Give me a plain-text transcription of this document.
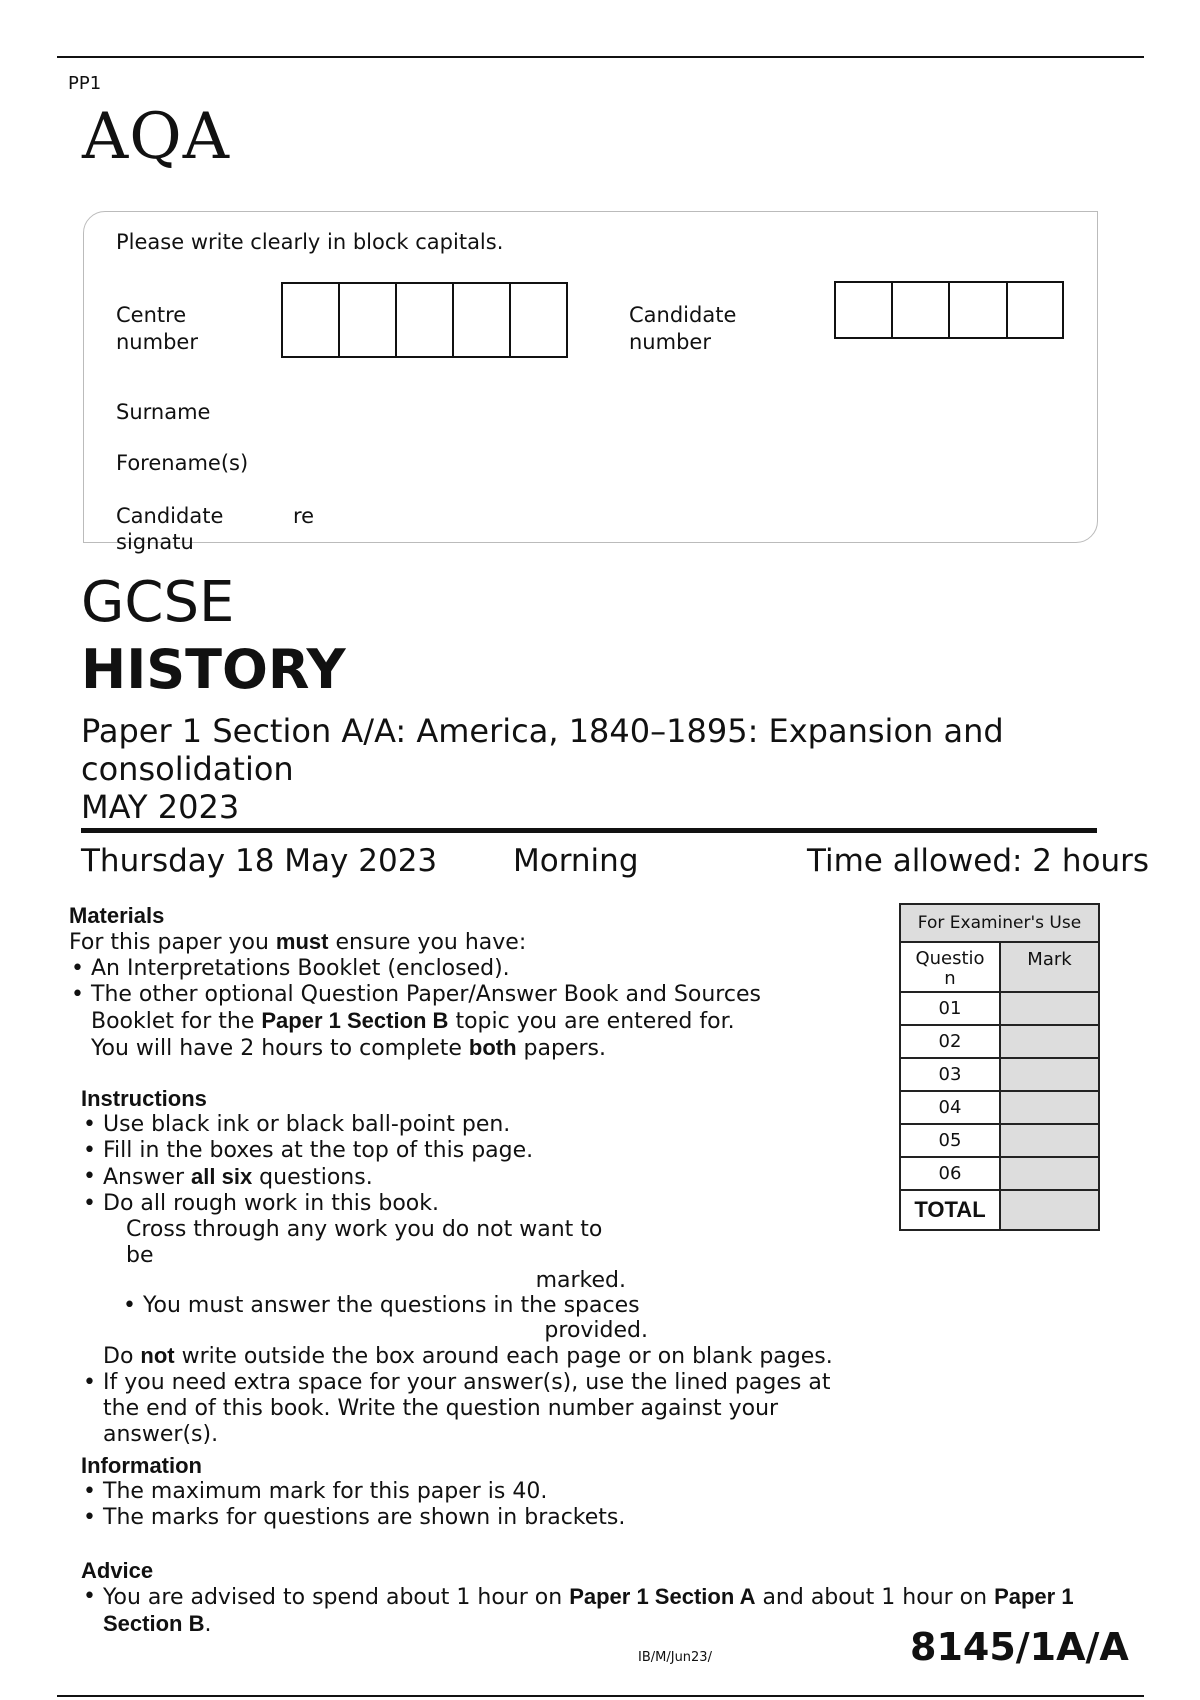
PP1
AQA
Please write clearly in block capitals.
Centre
number
Candidate
number
Surname
Forename(s)
Candidate	re
signatu
GCSE
HISTORY
Paper 1 Section A/A: America, 1840–1895: Expansion and
consolidation
MAY 2023
Thursday 18 May 2023 Morning	Time allowed: 2 hours
Materials

For this paper you must ensure you have:

• An Interpretations Booklet (enclosed).
• The other optional Question Paper/Answer Book and Sources
Booklet for the Paper 1 Section B topic you are entered for.
You will have 2 hours to complete both papers.
Instructions
• Use black ink or black ball-point pen.
• Fill in the boxes at the top of this page.
• Answer all six questions.
• Do all rough work in this book.
Cross through any work you do not want to be
marked.
• You must answer the questions in the spaces
provided.

Do not write outside the box around each page or on blank pages.

• If you need extra space for your answer(s), use the lined pages at the end of this book. Write the question number against your answer(s).
Information
• The maximum mark for this paper is 40.
• The marks for questions are shown in brackets.
Advice
• You are advised to spend about 1 hour on Paper 1 Section A and about 1 hour on Paper 1
Section B.
For Examiner's Use	

Questio
n	Mark
01	
02	
03	
04	
05	
06	
TOTAL	
IB/M/Jun23/	8145/1A/A
